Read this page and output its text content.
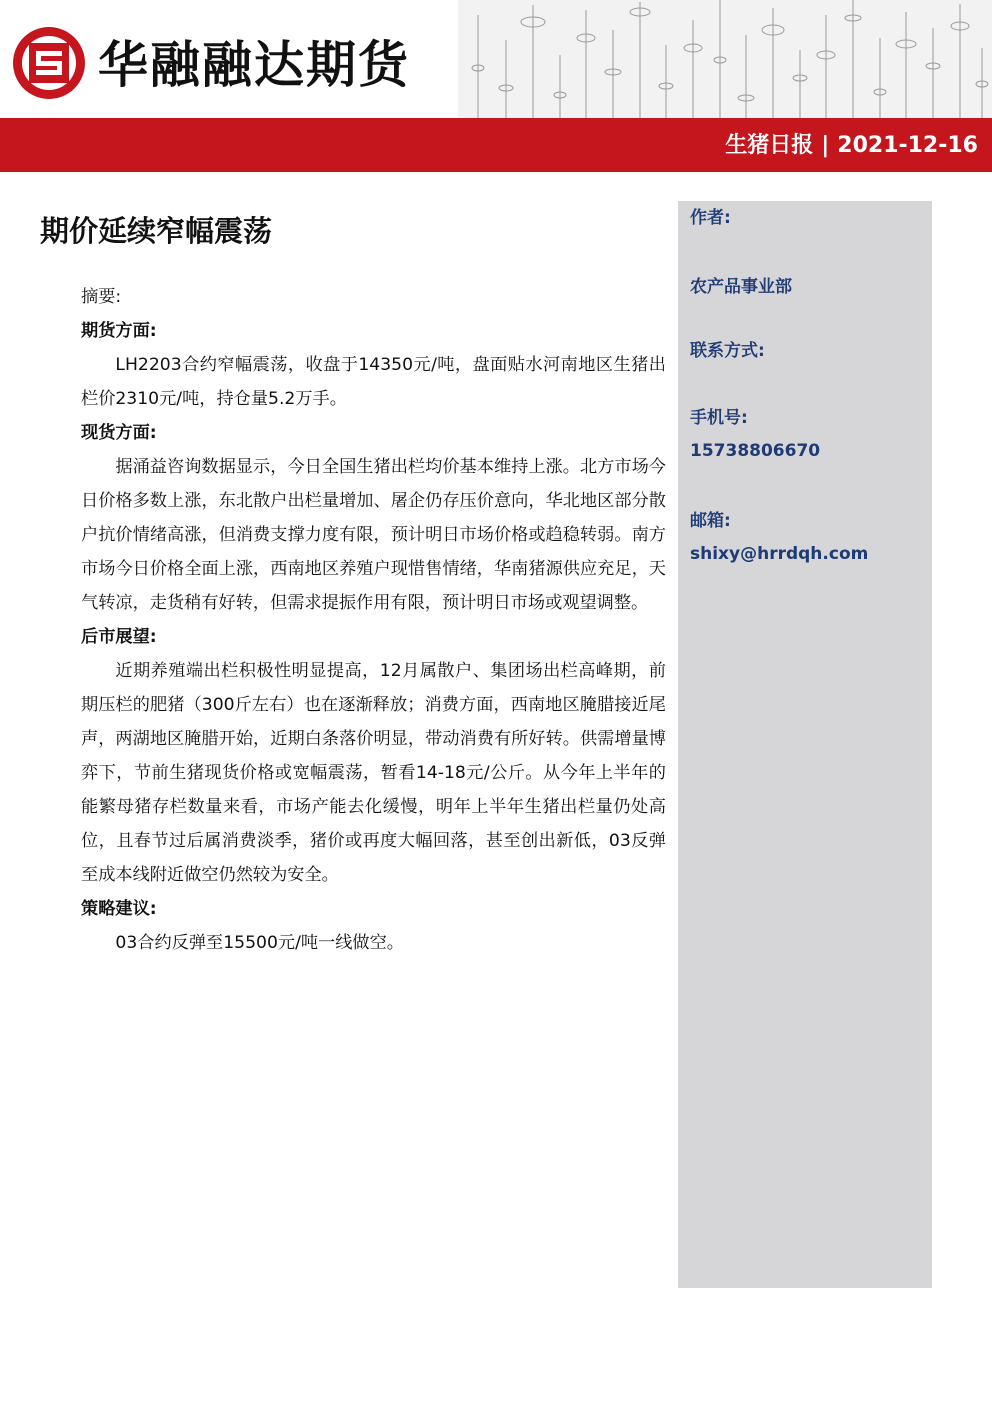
华融融达期货
生猪日报 | 2021-12-16
作者:
农产品事业部
联系方式:
手机号:
15738806670
邮箱:
shixy@hrrdqh.com
期价延续窄幅震荡

摘要:

期货方面:

LH2203合约窄幅震荡，收盘于14350元/吨，盘面贴水河南地区生猪出栏价2310元/吨，持仓量5.2万手。

现货方面:

据涌益咨询数据显示，今日全国生猪出栏均价基本维持上涨。北方市场今日价格多数上涨，东北散户出栏量增加、屠企仍存压价意向，华北地区部分散户抗价情绪高涨，但消费支撑力度有限，预计明日市场价格或趋稳转弱。南方市场今日价格全面上涨，西南地区养殖户现惜售情绪，华南猪源供应充足，天气转凉，走货稍有好转，但需求提振作用有限，预计明日市场或观望调整。

后市展望:

近期养殖端出栏积极性明显提高，12月属散户、集团场出栏高峰期，前期压栏的肥猪（300斤左右）也在逐渐释放；消费方面，西南地区腌腊接近尾声，两湖地区腌腊开始，近期白条落价明显，带动消费有所好转。供需增量博弈下，节前生猪现货价格或宽幅震荡，暂看14-18元/公斤。从今年上半年的能繁母猪存栏数量来看，市场产能去化缓慢，明年上半年生猪出栏量仍处高位，且春节过后属消费淡季，猪价或再度大幅回落，甚至创出新低，03反弹至成本线附近做空仍然较为安全。

策略建议:

03合约反弹至15500元/吨一线做空。
